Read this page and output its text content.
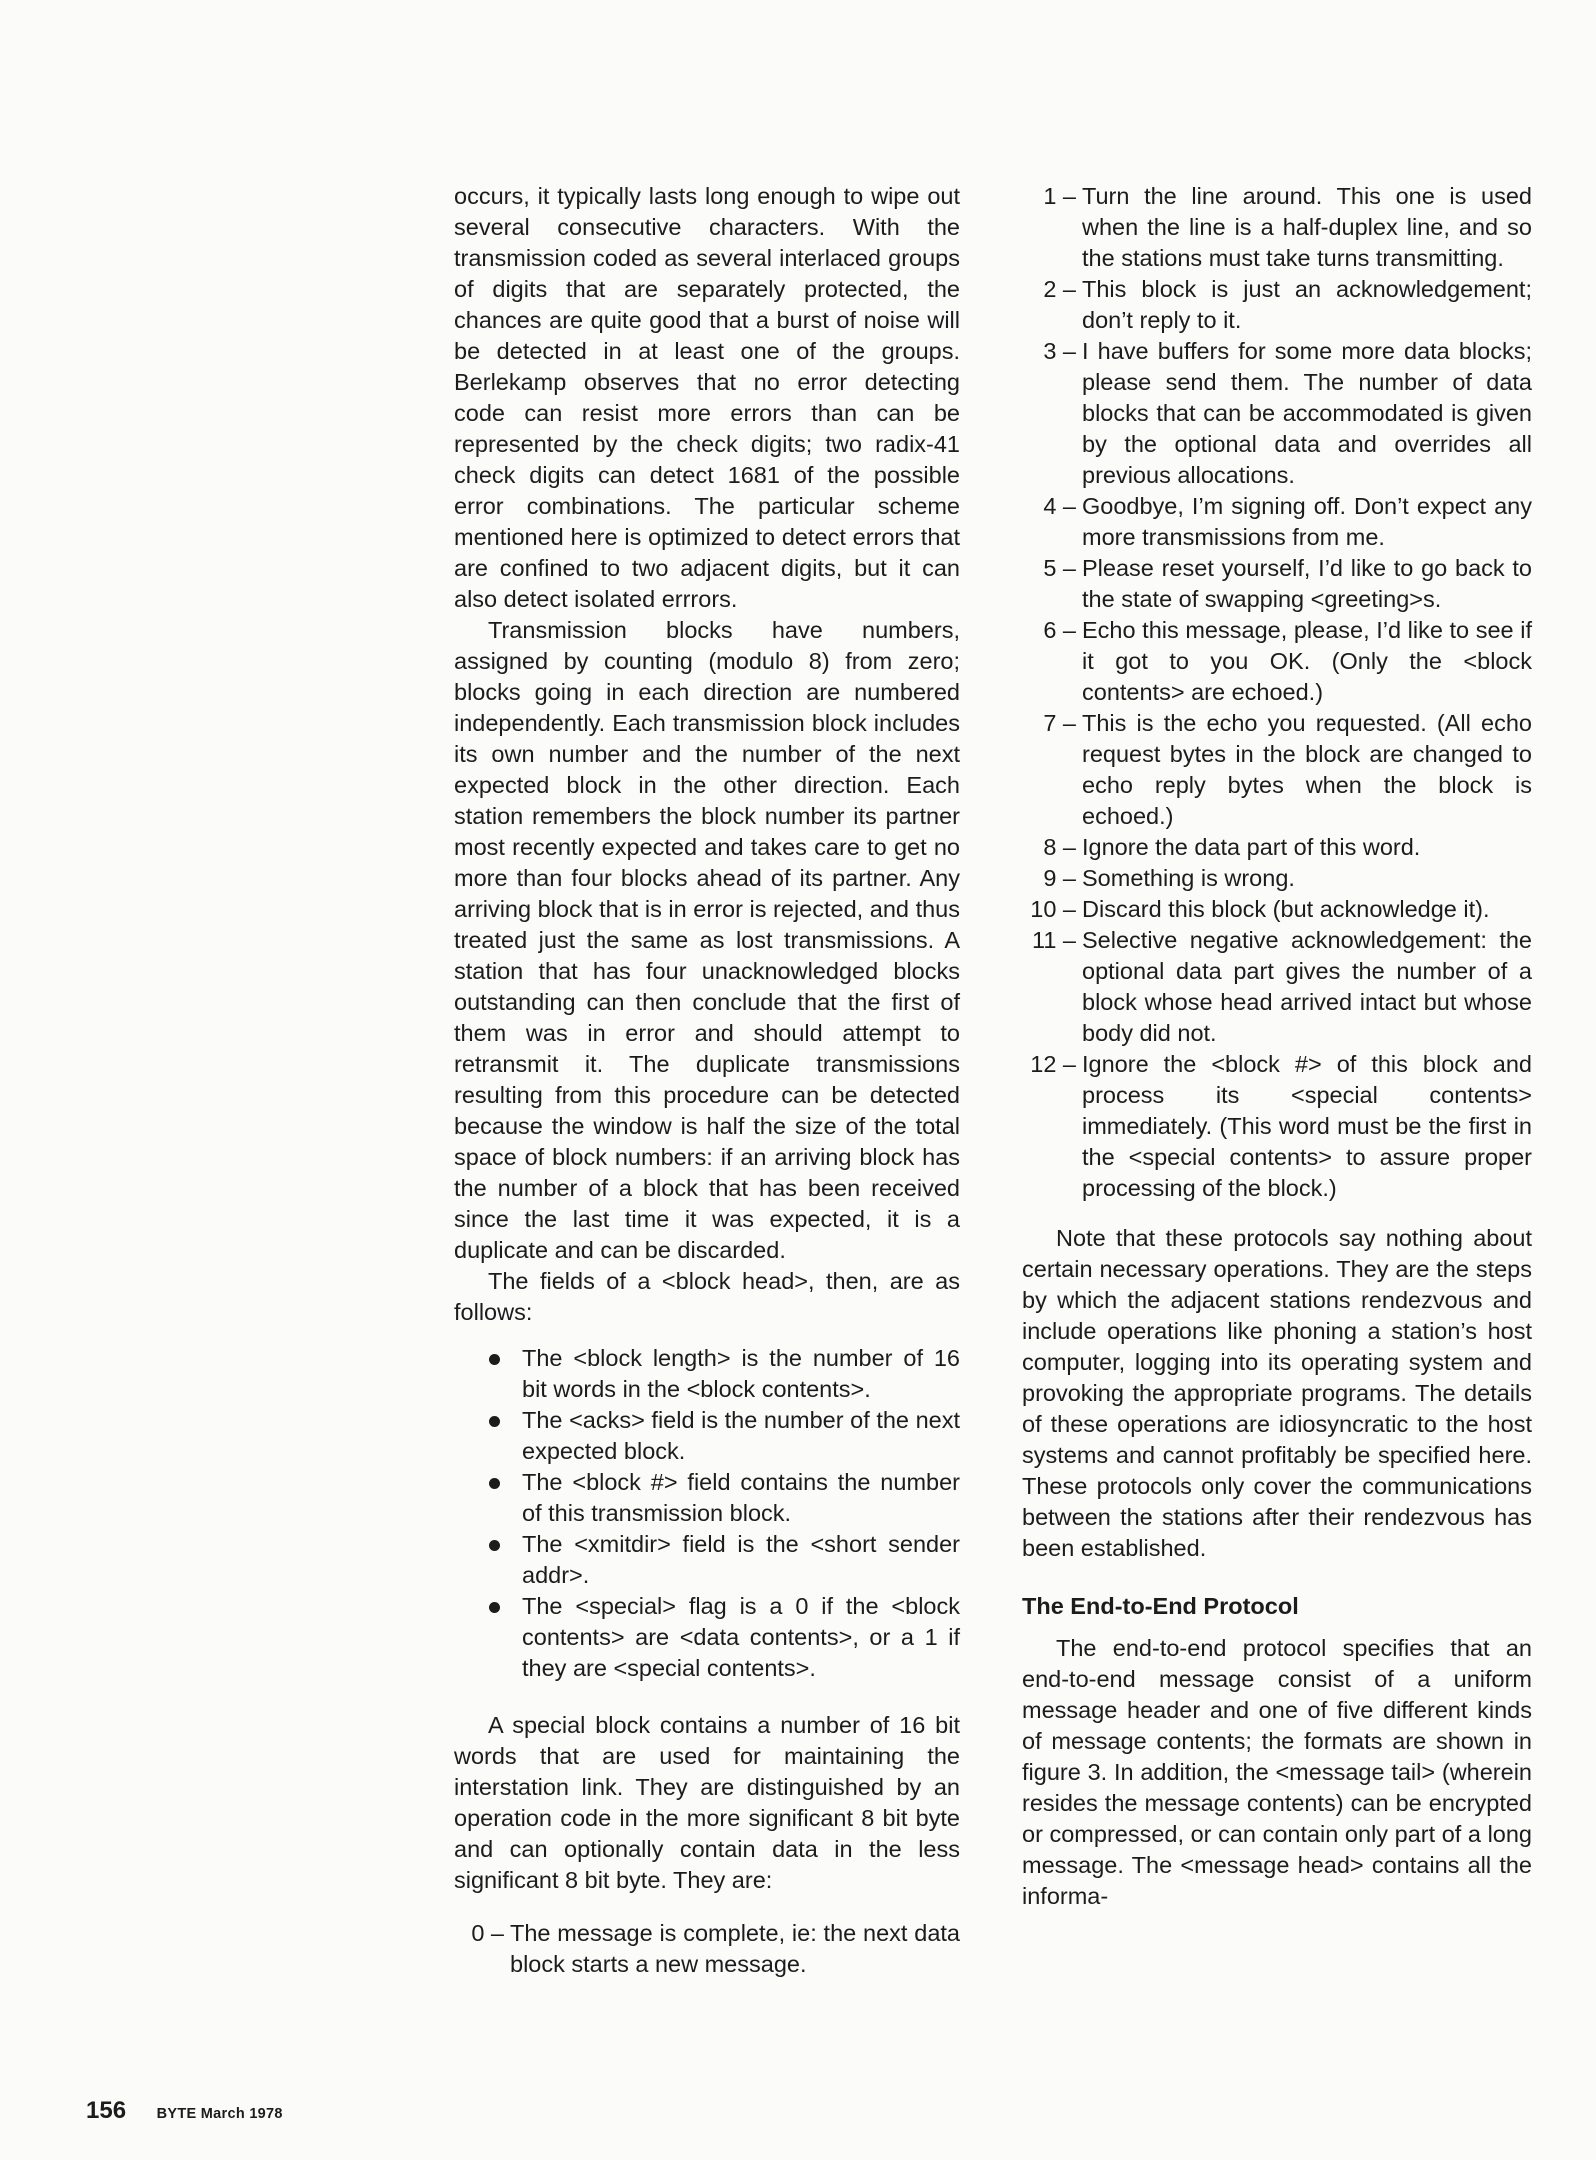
occurs, it typically lasts long enough to wipe out several consecutive characters. With the transmission coded as several interlaced groups of digits that are separately protected, the chances are quite good that a burst of noise will be detected in at least one of the groups. Berlekamp observes that no error detecting code can resist more errors than can be represented by the check digits; two radix-41 check digits can detect 1681 of the possible error combinations. The particular scheme mentioned here is optimized to detect errors that are confined to two adjacent digits, but it can also detect isolated errrors.

Transmission blocks have numbers, assigned by counting (modulo 8) from zero; blocks going in each direction are numbered independently. Each transmission block includes its own number and the number of the next expected block in the other direction. Each station remembers the block number its partner most recently expected and takes care to get no more than four blocks ahead of its partner. Any arriving block that is in error is rejected, and thus treated just the same as lost transmissions. A station that has four unacknowledged blocks outstanding can then conclude that the first of them was in error and should attempt to retransmit it. The duplicate transmissions resulting from this procedure can be detected because the window is half the size of the total space of block numbers: if an arriving block has the number of a block that has been received since the last time it was expected, it is a duplicate and can be discarded.

The fields of a <block head>, then, are as follows:

The <block length> is the number of 16 bit words in the <block contents>.
The <acks> field is the number of the next expected block.
The <block #> field contains the number of this transmission block.
The <xmitdir> field is the <short sender addr>.
The <special> flag is a 0 if the <block contents> are <data contents>, or a 1 if they are <special contents>.

A special block contains a number of 16 bit words that are used for maintaining the interstation link. They are distinguished by an operation code in the more significant 8 bit byte and can optionally contain data in the less significant 8 bit byte. They are:

0 – The message is complete, ie: the next data block starts a new message.
1 – Turn the line around. This one is used when the line is a half-duplex line, and so the stations must take turns transmitting.
2 – This block is just an acknowledgement; don’t reply to it.
3 – I have buffers for some more data blocks; please send them. The number of data blocks that can be accommodated is given by the optional data and overrides all previous allocations.
4 – Goodbye, I’m signing off. Don’t expect any more transmissions from me.
5 – Please reset yourself, I’d like to go back to the state of swapping <greeting>s.
6 – Echo this message, please, I’d like to see if it got to you OK. (Only the <block contents> are echoed.)
7 – This is the echo you requested. (All echo request bytes in the block are changed to echo reply bytes when the block is echoed.)
8 – Ignore the data part of this word.
9 – Something is wrong.
10 – Discard this block (but acknowledge it).
11 – Selective negative acknowledgement: the optional data part gives the number of a block whose head arrived intact but whose body did not.
12 – Ignore the <block #> of this block and process its <special contents> immediately. (This word must be the first in the <special contents> to assure proper processing of the block.)

Note that these protocols say nothing about certain necessary operations. They are the steps by which the adjacent stations rendezvous and include operations like phoning a station’s host computer, logging into its operating system and provoking the appropriate programs. The details of these operations are idiosyncratic to the host systems and cannot profitably be specified here. These protocols only cover the communications between the stations after their rendezvous has been established.

The End-to-End Protocol

The end-to-end protocol specifies that an end-to-end message consist of a uniform message header and one of five different kinds of message contents; the formats are shown in figure 3. In addition, the <message tail> (wherein resides the message contents) can be encrypted or compressed, or can contain only part of a long message. The <message head> contains all the informa-

156 BYTE March 1978
